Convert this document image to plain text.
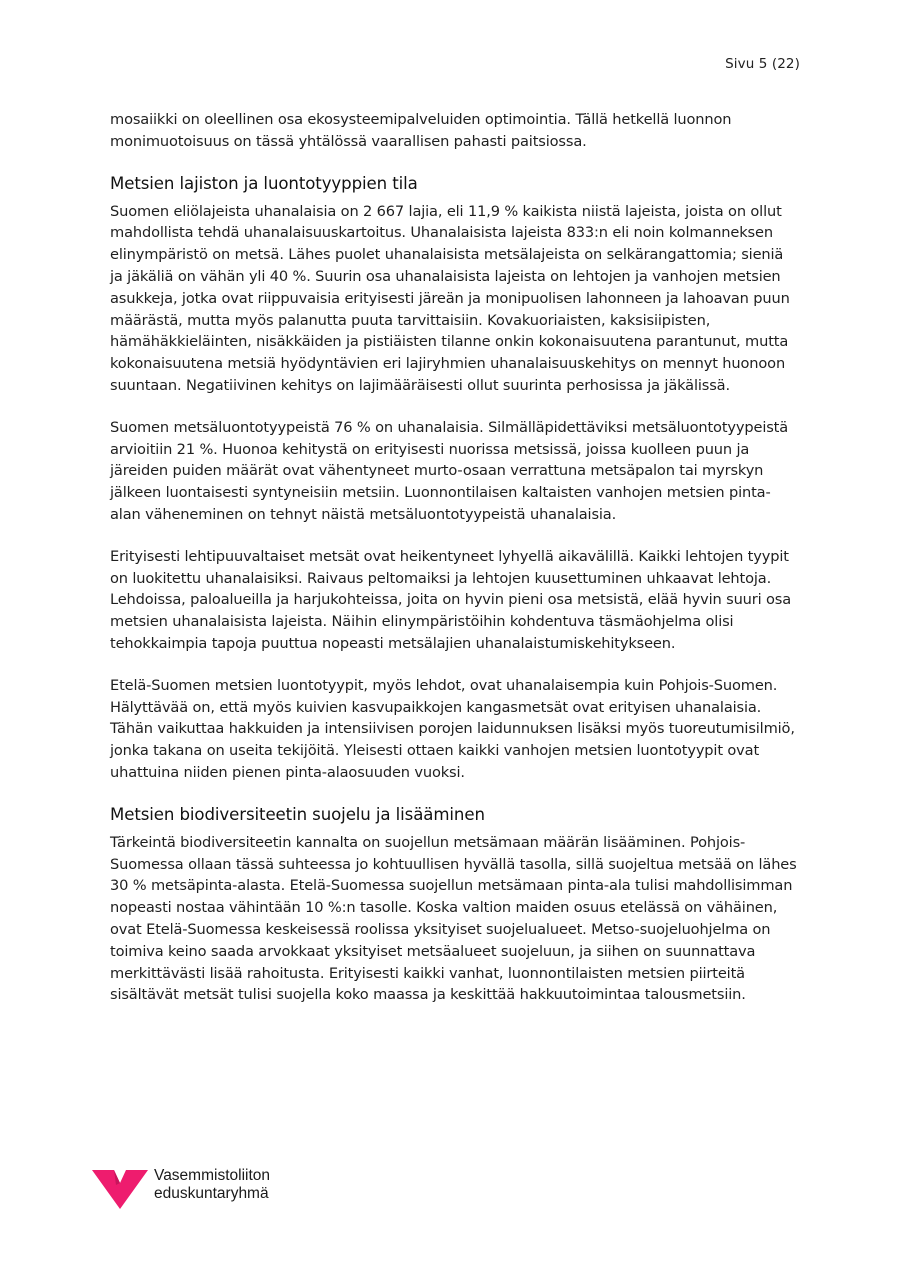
Sivu 5 (22)

mosaiikki on oleellinen osa ekosysteemipalveluiden optimointia. Tällä hetkellä luonnon monimuotoisuus on tässä yhtälössä vaarallisen pahasti paitsiossa.

Metsien lajiston ja luontotyyppien tila

Suomen eliölajeista uhanalaisia on 2 667 lajia, eli 11,9 % kaikista niistä lajeista, joista on ollut mahdollista tehdä uhanalaisuuskartoitus. Uhanalaisista lajeista 833:n eli noin kolmanneksen elinympäristö on metsä. Lähes puolet uhanalaisista metsälajeista on selkärangattomia; sieniä ja jäkäliä on vähän yli 40 %. Suurin osa uhanalaisista lajeista on lehtojen ja vanhojen metsien asukkeja, jotka ovat riippuvaisia erityisesti järeän ja monipuolisen lahonneen ja lahoavan puun määrästä, mutta myös palanutta puuta tarvittaisiin. Kovakuoriaisten, kaksisiipisten, hämähäkkieläinten, nisäkkäiden ja pistiäisten tilanne onkin kokonaisuutena parantunut, mutta kokonaisuutena metsiä hyödyntävien eri lajiryhmien uhanalaisuuskehitys on mennyt huonoon suuntaan. Negatiivinen kehitys on lajimääräisesti ollut suurinta perhosissa ja jäkälissä.

Suomen metsäluontotyypeistä 76 % on uhanalaisia. Silmälläpidettäviksi metsäluontotyypeistä arvioitiin 21 %. Huonoa kehitystä on erityisesti nuorissa metsissä, joissa kuolleen puun ja järeiden puiden määrät ovat vähentyneet murto-osaan verrattuna metsäpalon tai myrskyn jälkeen luontaisesti syntyneisiin metsiin. Luonnontilaisen kaltaisten vanhojen metsien pinta-alan väheneminen on tehnyt näistä metsäluontotyypeistä uhanalaisia.

Erityisesti lehtipuuvaltaiset metsät ovat heikentyneet lyhyellä aikavälillä. Kaikki lehtojen tyypit on luokitettu uhanalaisiksi. Raivaus peltomaiksi ja lehtojen kuusettuminen uhkaavat lehtoja. Lehdoissa, paloalueilla ja harjukohteissa, joita on hyvin pieni osa metsistä, elää hyvin suuri osa metsien uhanalaisista lajeista. Näihin elinympäristöihin kohdentuva täsmäohjelma olisi tehokkaimpia tapoja puuttua nopeasti metsälajien uhanalaistumiskehitykseen.

Etelä-Suomen metsien luontotyypit, myös lehdot, ovat uhanalaisempia kuin Pohjois-Suomen. Hälyttävää on, että myös kuivien kasvupaikkojen kangasmetsät ovat erityisen uhanalaisia. Tähän vaikuttaa hakkuiden ja intensiivisen porojen laidunnuksen lisäksi myös tuoreutumisilmiö, jonka takana on useita tekijöitä. Yleisesti ottaen kaikki vanhojen metsien luontotyypit ovat uhattuina niiden pienen pinta-alaosuuden vuoksi.

Metsien biodiversiteetin suojelu ja lisääminen

Tärkeintä biodiversiteetin kannalta on suojellun metsämaan määrän lisääminen. Pohjois-Suomessa ollaan tässä suhteessa jo kohtuullisen hyvällä tasolla, sillä suojeltua metsää on lähes 30 % metsäpinta-alasta. Etelä-Suomessa suojellun metsämaan pinta-ala tulisi mahdollisimman nopeasti nostaa vähintään 10 %:n tasolle. Koska valtion maiden osuus etelässä on vähäinen, ovat Etelä-Suomessa keskeisessä roolissa yksityiset suojelualueet. Metso-suojeluohjelma on toimiva keino saada arvokkaat yksityiset metsäalueet suojeluun, ja siihen on suunnattava merkittävästi lisää rahoitusta. Erityisesti kaikki vanhat, luonnontilaisten metsien piirteitä sisältävät metsät tulisi suojella koko maassa ja keskittää hakkuutoimintaa talousmetsiin.

Vasemmistoliiton
eduskuntaryhmä
